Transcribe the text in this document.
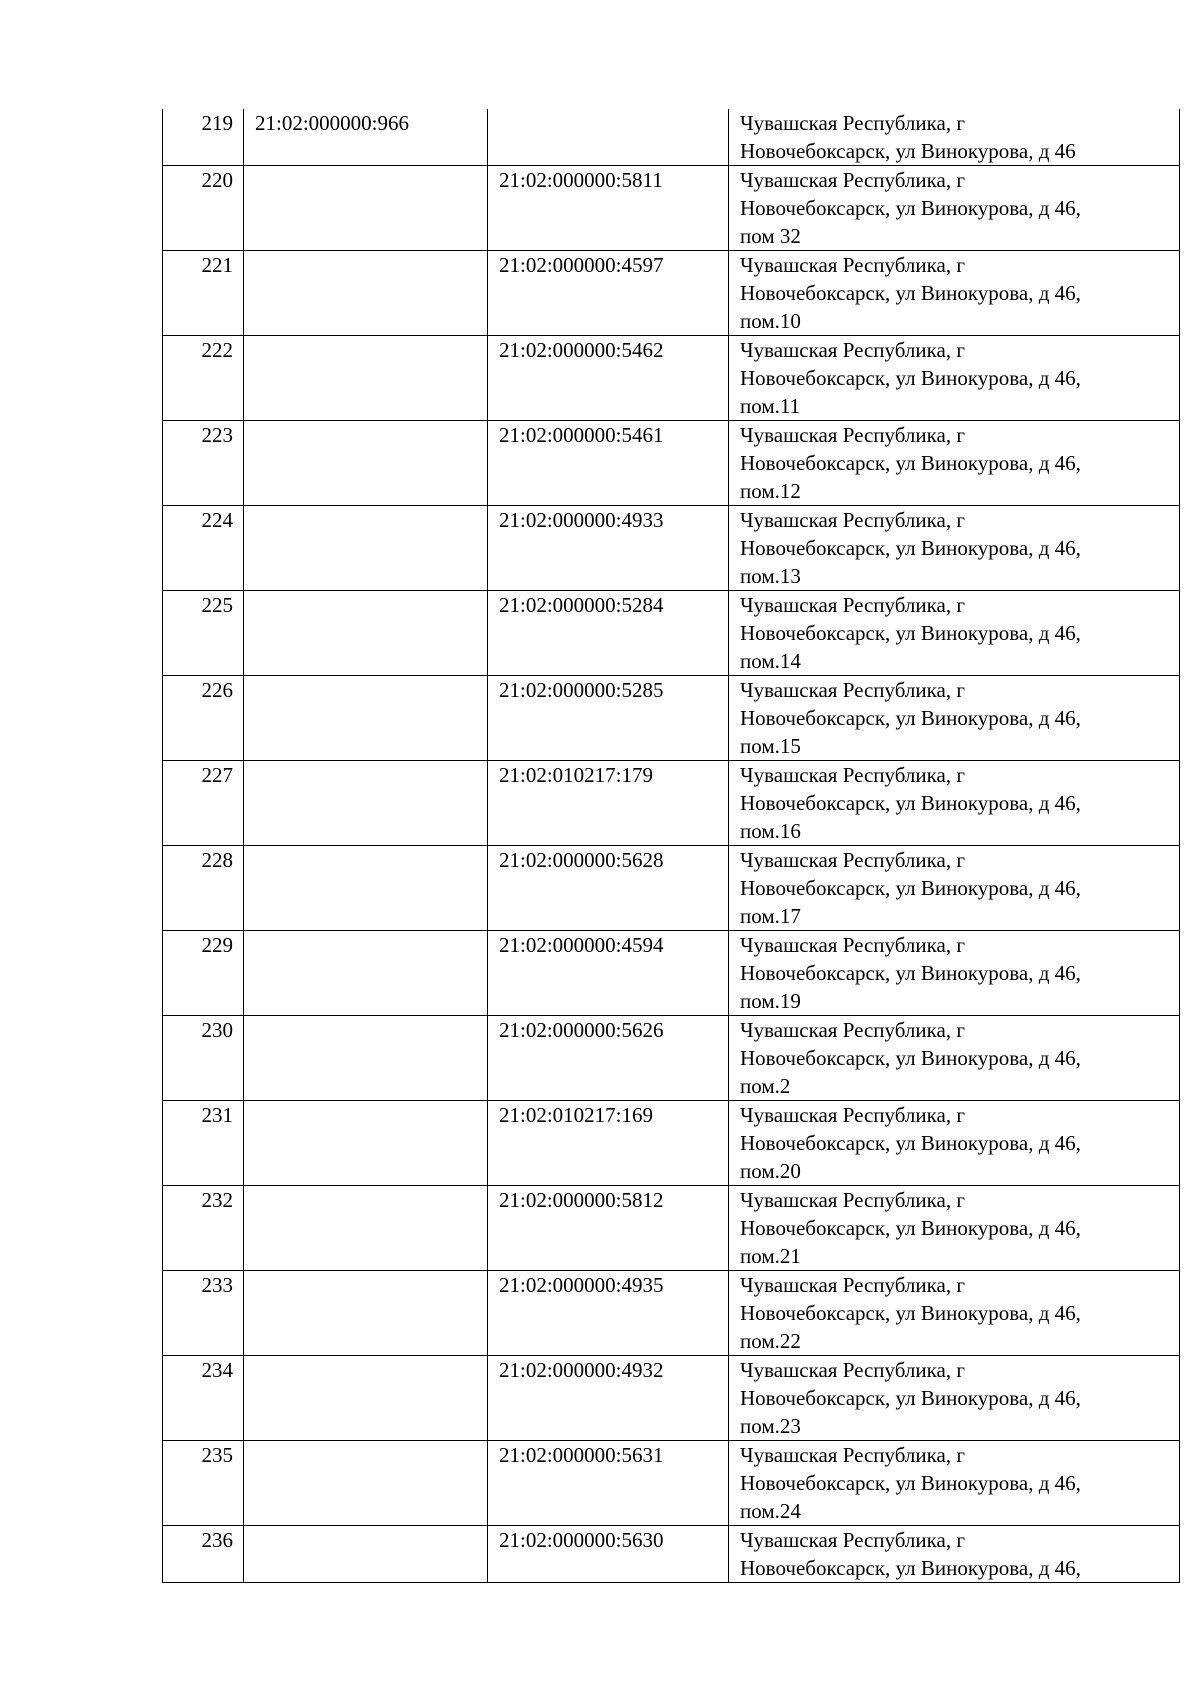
219	21:02:000000:966		Чувашская Республика, г
Новочебоксарск, ул Винокурова, д 46

220		21:02:000000:5811	Чувашская Республика, г
Новочебоксарск, ул Винокурова, д 46,
пом 32

221		21:02:000000:4597	Чувашская Республика, г
Новочебоксарск, ул Винокурова, д 46,
пом.10

222		21:02:000000:5462	Чувашская Республика, г
Новочебоксарск, ул Винокурова, д 46,
пом.11

223		21:02:000000:5461	Чувашская Республика, г
Новочебоксарск, ул Винокурова, д 46,
пом.12

224		21:02:000000:4933	Чувашская Республика, г
Новочебоксарск, ул Винокурова, д 46,
пом.13

225		21:02:000000:5284	Чувашская Республика, г
Новочебоксарск, ул Винокурова, д 46,
пом.14

226		21:02:000000:5285	Чувашская Республика, г
Новочебоксарск, ул Винокурова, д 46,
пом.15

227		21:02:010217:179	Чувашская Республика, г
Новочебоксарск, ул Винокурова, д 46,
пом.16

228		21:02:000000:5628	Чувашская Республика, г
Новочебоксарск, ул Винокурова, д 46,
пом.17

229		21:02:000000:4594	Чувашская Республика, г
Новочебоксарск, ул Винокурова, д 46,
пом.19

230		21:02:000000:5626	Чувашская Республика, г
Новочебоксарск, ул Винокурова, д 46,
пом.2

231		21:02:010217:169	Чувашская Республика, г
Новочебоксарск, ул Винокурова, д 46,
пом.20

232		21:02:000000:5812	Чувашская Республика, г
Новочебоксарск, ул Винокурова, д 46,
пом.21

233		21:02:000000:4935	Чувашская Республика, г
Новочебоксарск, ул Винокурова, д 46,
пом.22

234		21:02:000000:4932	Чувашская Республика, г
Новочебоксарск, ул Винокурова, д 46,
пом.23

235		21:02:000000:5631	Чувашская Республика, г
Новочебоксарск, ул Винокурова, д 46,
пом.24

236		21:02:000000:5630	Чувашская Республика, г
Новочебоксарск, ул Винокурова, д 46,
